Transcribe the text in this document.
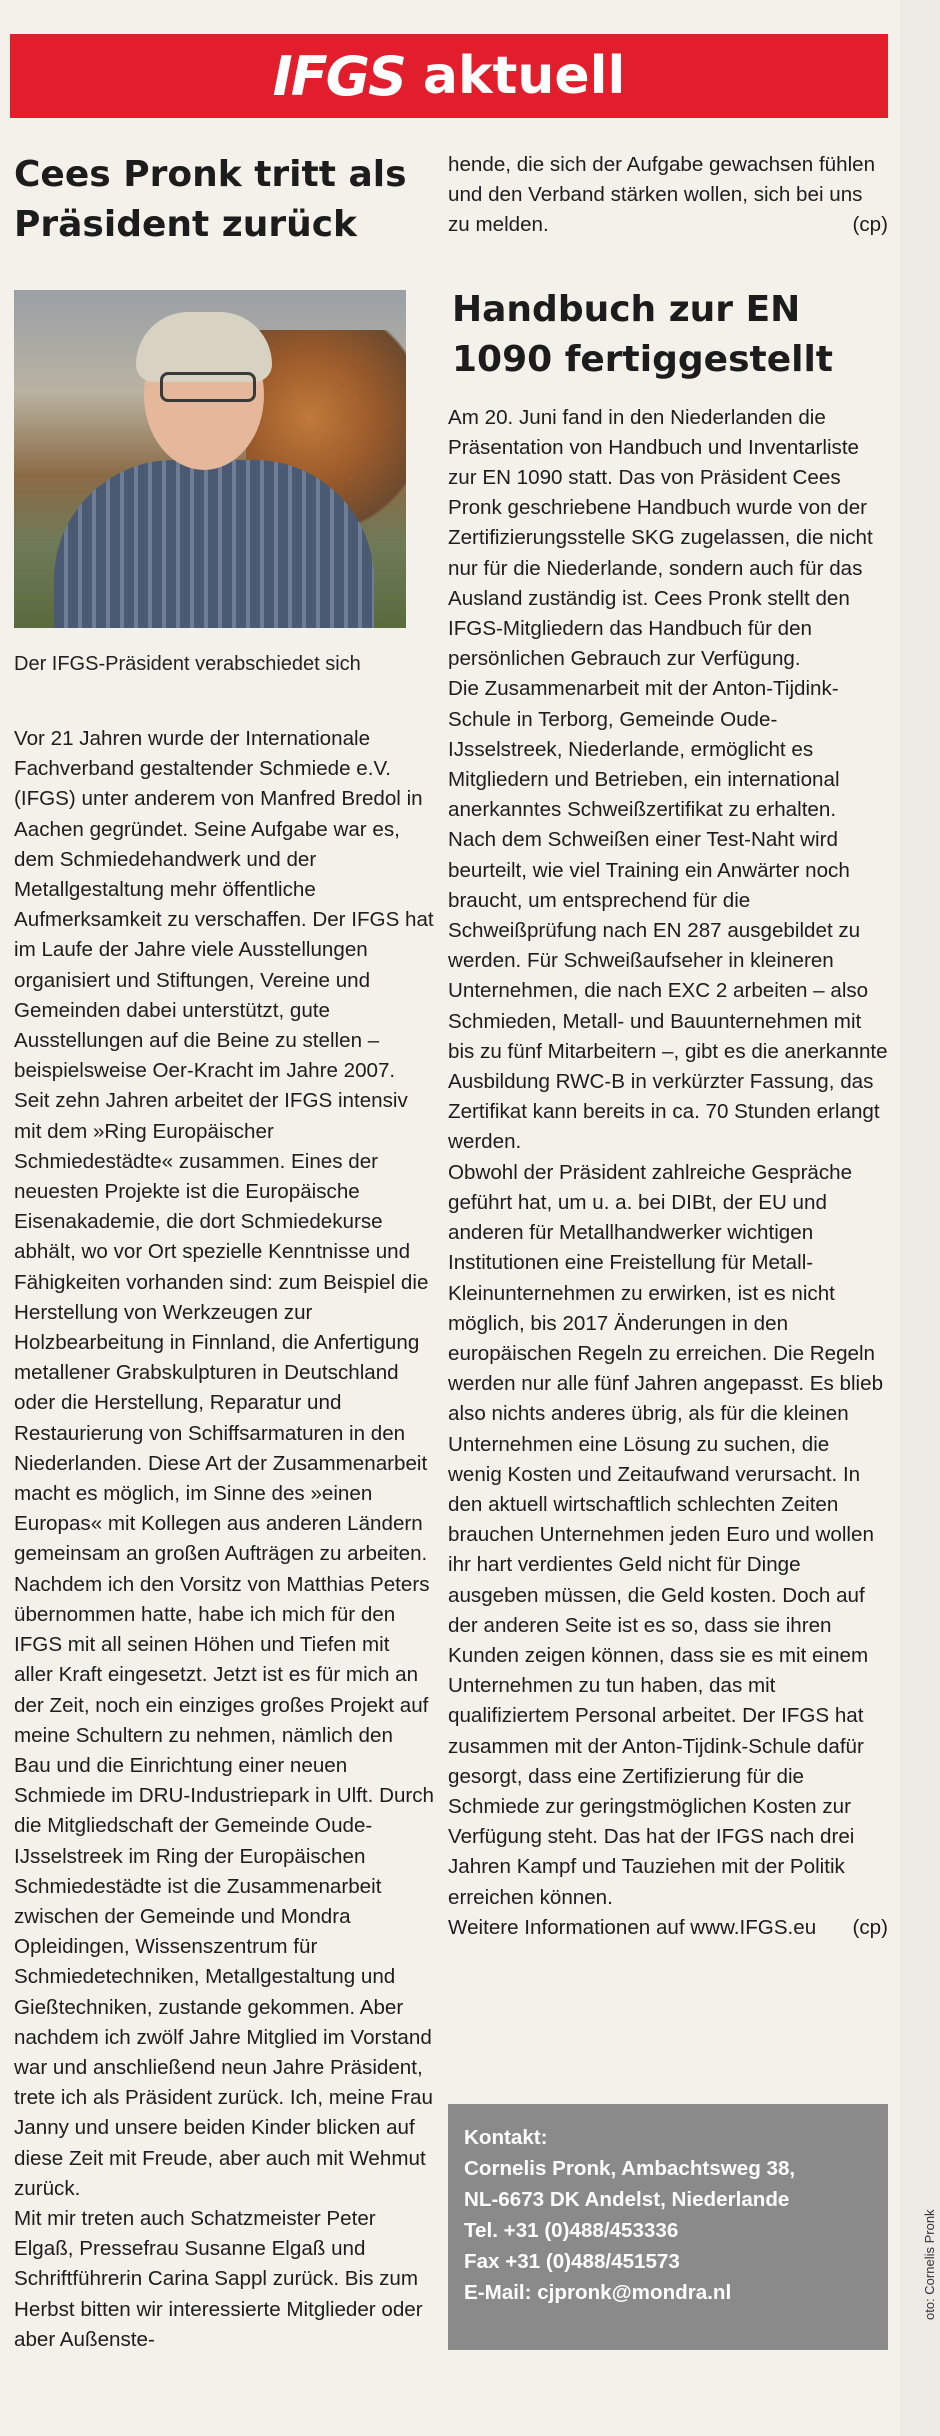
IFGS aktuell
Cees Pronk tritt als Präsident zurück
Der IFGS-Präsident verabschiedet sich

Vor 21 Jahren wurde der Internationale Fachverband gestaltender Schmiede e.V. (IFGS) unter anderem von Manfred Bredol in Aachen gegründet. Seine Aufgabe war es, dem Schmiedehandwerk und der Metallgestaltung mehr öffentliche Aufmerksamkeit zu verschaffen. Der IFGS hat im Laufe der Jahre viele Ausstellungen organisiert und Stiftungen, Vereine und Gemeinden dabei unterstützt, gute Ausstellungen auf die Beine zu stellen – beispielsweise Oer-Kracht im Jahre 2007. Seit zehn Jahren arbeitet der IFGS intensiv mit dem »Ring Europäischer Schmiedestädte« zusammen. Eines der neuesten Projekte ist die Europäische Eisenakademie, die dort Schmiedekurse abhält, wo vor Ort spezielle Kenntnisse und Fähigkeiten vorhanden sind: zum Beispiel die Herstellung von Werkzeugen zur Holzbearbeitung in Finnland, die Anfertigung metallener Grabskulpturen in Deutschland oder die Herstellung, Reparatur und Restaurierung von Schiffsarmaturen in den Niederlanden. Diese Art der Zusammenarbeit macht es möglich, im Sinne des »einen Europas« mit Kollegen aus anderen Ländern gemeinsam an großen Aufträgen zu arbeiten.

Nachdem ich den Vorsitz von Matthias Peters übernommen hatte, habe ich mich für den IFGS mit all seinen Höhen und Tiefen mit aller Kraft eingesetzt. Jetzt ist es für mich an der Zeit, noch ein einziges großes Projekt auf meine Schultern zu nehmen, nämlich den Bau und die Einrichtung einer neuen Schmiede im DRU-Industriepark in Ulft. Durch die Mitgliedschaft der Gemeinde Oude-IJsselstreek im Ring der Europäischen Schmiedestädte ist die Zusammenarbeit zwischen der Gemeinde und Mondra Opleidingen, Wissenszentrum für Schmiedetechniken, Metallgestaltung und Gießtechniken, zustande gekommen. Aber nachdem ich zwölf Jahre Mitglied im Vorstand war und anschließend neun Jahre Präsident, trete ich als Präsident zurück. Ich, meine Frau Janny und unsere beiden Kinder blicken auf diese Zeit mit Freude, aber auch mit Wehmut zurück.

Mit mir treten auch Schatzmeister Peter Elgaß, Pressefrau Susanne Elgaß und Schriftführerin Carina Sappl zurück. Bis zum Herbst bitten wir interessierte Mitglieder oder aber Außenste-

hende, die sich der Aufgabe gewachsen fühlen und den Verband stärken wollen, sich bei uns zu melden.	(cp)

Handbuch zur EN 1090 fertiggestellt

Am 20. Juni fand in den Niederlanden die Präsentation von Handbuch und Inventarliste zur EN 1090 statt. Das von Präsident Cees Pronk geschriebene Handbuch wurde von der Zertifizierungsstelle SKG zugelassen, die nicht nur für die Niederlande, sondern auch für das Ausland zuständig ist. Cees Pronk stellt den IFGS-Mitgliedern das Handbuch für den persönlichen Gebrauch zur Verfügung.

Die Zusammenarbeit mit der Anton-Tijdink-Schule in Terborg, Gemeinde Oude-IJsselstreek, Niederlande, ermöglicht es Mitgliedern und Betrieben, ein international anerkanntes Schweißzertifikat zu erhalten. Nach dem Schweißen einer Test-Naht wird beurteilt, wie viel Training ein Anwärter noch braucht, um entsprechend für die Schweißprüfung nach EN 287 ausgebildet zu werden. Für Schweißaufseher in kleineren Unternehmen, die nach EXC 2 arbeiten – also Schmieden, Metall- und Bauunternehmen mit bis zu fünf Mitarbeitern –, gibt es die anerkannte Ausbildung RWC-B in verkürzter Fassung, das Zertifikat kann bereits in ca. 70 Stunden erlangt werden.

Obwohl der Präsident zahlreiche Gespräche geführt hat, um u. a. bei DIBt, der EU und anderen für Metallhandwerker wichtigen Institutionen eine Freistellung für Metall-Kleinunternehmen zu erwirken, ist es nicht möglich, bis 2017 Änderungen in den europäischen Regeln zu erreichen. Die Regeln werden nur alle fünf Jahren angepasst. Es blieb also nichts anderes übrig, als für die kleinen Unternehmen eine Lösung zu suchen, die wenig Kosten und Zeitaufwand verursacht. In den aktuell wirtschaftlich schlechten Zeiten brauchen Unternehmen jeden Euro und wollen ihr hart verdientes Geld nicht für Dinge ausgeben müssen, die Geld kosten. Doch auf der anderen Seite ist es so, dass sie ihren Kunden zeigen können, dass sie es mit einem Unternehmen zu tun haben, das mit qualifiziertem Personal arbeitet. Der IFGS hat zusammen mit der Anton-Tijdink-Schule dafür gesorgt, dass eine Zertifizierung für die Schmiede zur geringstmöglichen Kosten zur Verfügung steht. Das hat der IFGS nach drei Jahren Kampf und Tauziehen mit der Politik erreichen können.

Weitere Informationen auf www.IFGS.eu (cp)

Kontakt:
Cornelis Pronk, Ambachtsweg 38,
NL-6673 DK Andelst, Niederlande
Tel. +31 (0)488/453336
Fax +31 (0)488/451573
E-Mail: cjpronk@mondra.nl	oto: Cornelis Pronk
